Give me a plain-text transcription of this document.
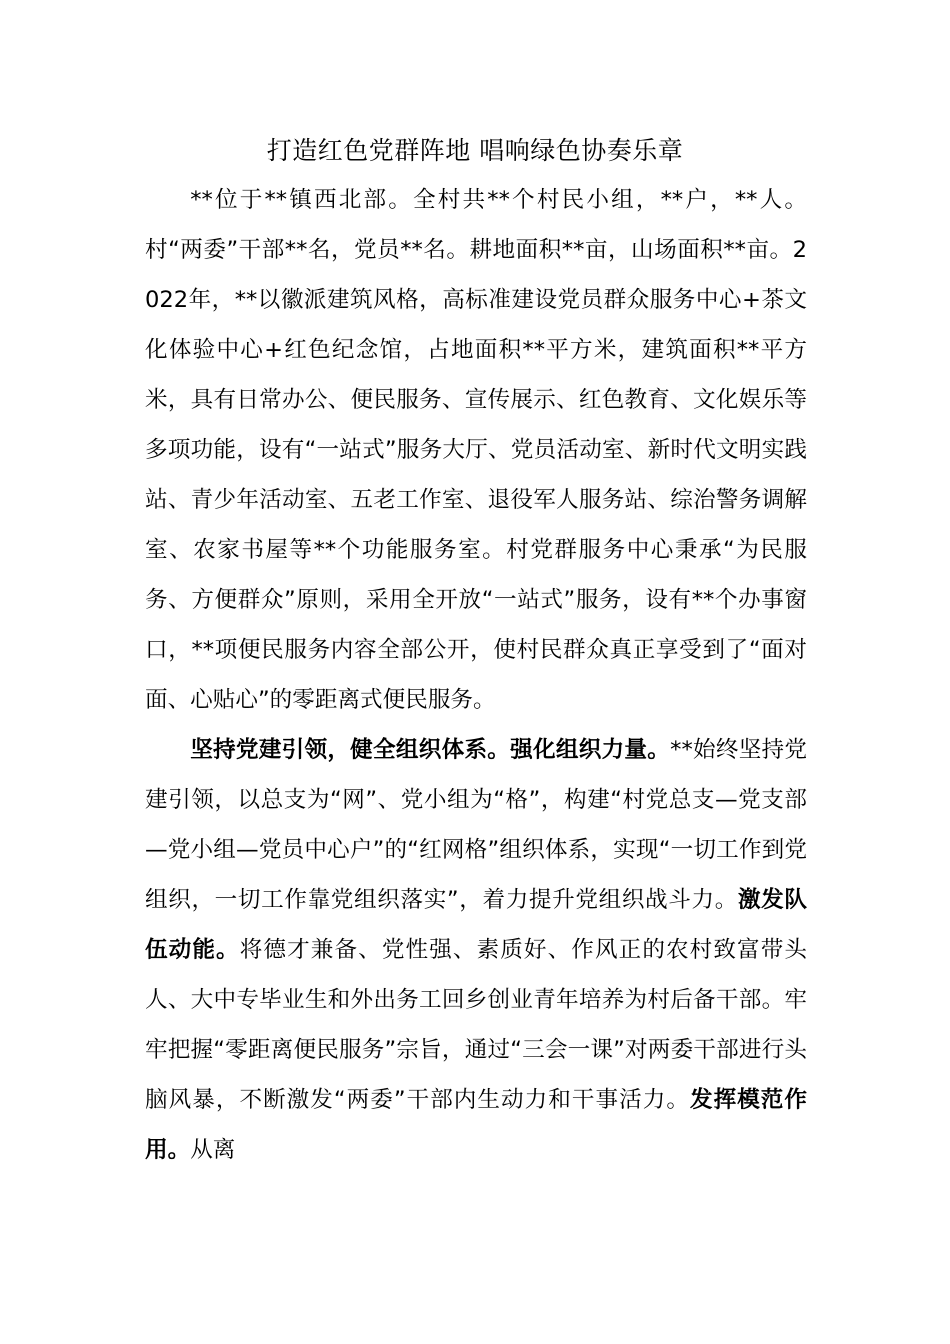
打造红色党群阵地 唱响绿色协奏乐章

**位于**镇西北部。全村共**个村民小组，**户，**人。村“两委”干部**名，党员**名。耕地面积**亩，山场面积**亩。2022年，**以徽派建筑风格，高标准建设党员群众服务中心+茶文化体验中心+红色纪念馆，占地面积**平方米，建筑面积**平方米，具有日常办公、便民服务、宣传展示、红色教育、文化娱乐等多项功能，设有“一站式”服务大厅、党员活动室、新时代文明实践站、青少年活动室、五老工作室、退役军人服务站、综治警务调解室、农家书屋等**个功能服务室。村党群服务中心秉承“为民服务、方便群众”原则，采用全开放“一站式”服务，设有**个办事窗口，**项便民服务内容全部公开，使村民群众真正享受到了“面对面、心贴心”的零距离式便民服务。

坚持党建引领，健全组织体系。强化组织力量。**始终坚持党建引领，以总支为“网”、党小组为“格”，构建“村党总支—党支部—党小组—党员中心户”的“红网格”组织体系，实现“一切工作到党组织，一切工作靠党组织落实”，着力提升党组织战斗力。激发队伍动能。将德才兼备、党性强、素质好、作风正的农村致富带头人、大中专毕业生和外出务工回乡创业青年培养为村后备干部。牢牢把握“零距离便民服务”宗旨，通过“三会一课”对两委干部进行头脑风暴，不断激发“两委”干部内生动力和干事活力。发挥模范作用。从离
